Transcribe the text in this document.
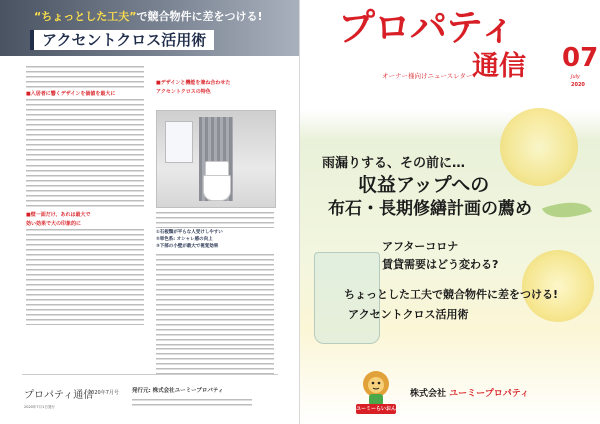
“ちょっとした工夫”で競合物件に差をつける!
アクセントクロス活用術
■入居者に響くデザインを価値を最大に
■壁一面だけ、あれは最大で
効い効果で大の印象的に
■デザインと機能を兼ね合わせた
アクセントクロスの特色
①石板類が平らな人受けしやすい
②単色系: オシャレ感の向上
③下部の小壁が最大で視覚効果
プロパティ通信
2020年7月号
2020年7月1日発行
発行元: 株式会社ユーミープロパティ
プロパティ
通信
オーナー様向けニュースレター
07
July
2020
雨漏りする、その前に…
収益アップへの
布石・長期修繕計画の薦め
アフターコロナ
賃貸需要はどう変わる?
ちょっとした工夫で競合物件に差をつける!
アクセントクロス活用術
ユーミーらいおん
株式会社 ユーミープロパティ
